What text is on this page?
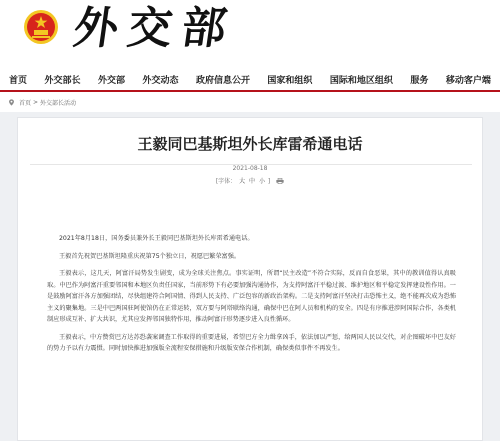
外交部
首页 外交部长 外交部 外交动态 政府信息公开 国家和组织 国际和地区组织 服务 移动客户端
首页 > 外交部长活动
王毅同巴基斯坦外长库雷希通电话
2021-08-18
[字体： 大 中 小 ]

2021年8月18日，国务委员兼外长王毅同巴基斯坦外长库雷希通电话。

王毅首先祝贺巴基斯坦隆重庆祝第75个独立日，祝愿巴繁荣富强。

王毅表示，这几天，阿富汗局势发生剧变，成为全球关注焦点。事实证明，所谓“民主改造”不符合实际，反而自食恶果，其中的教训值得认真吸取。中巴作为阿富汗重要邻国和本地区负责任国家，当前形势下有必要加强沟通协作，为支持阿富汗平稳过渡、维护地区和平稳定发挥建设性作用。一是鼓励阿富汗各方加强团结，尽快组建符合阿国情、得到人民支持、广泛包容的新政治架构。二是支持阿富汗坚决打击恐怖主义，绝不能再次成为恐怖主义的聚集地。三是中巴两国驻阿使馆仍在正常运转，双方要与阿塔联络沟通，确保中巴在阿人员和机构的安全。四是有序推进涉阿国际合作，各类机制应形成互补、扩大共识，尤其应发挥邻国独特作用，推动阿富汗形势逐步进入良性循环。

王毅表示，中方赞赏巴方达苏恐袭案调查工作取得的重要进展，希望巴方全力缉拿凶手，依法加以严惩，给两国人民以交代，对企图破坏中巴友好的势力予以有力震慑。同时加快推进加强版全流程安保措施和升级版安保合作机制，确保类似事件不再发生。
